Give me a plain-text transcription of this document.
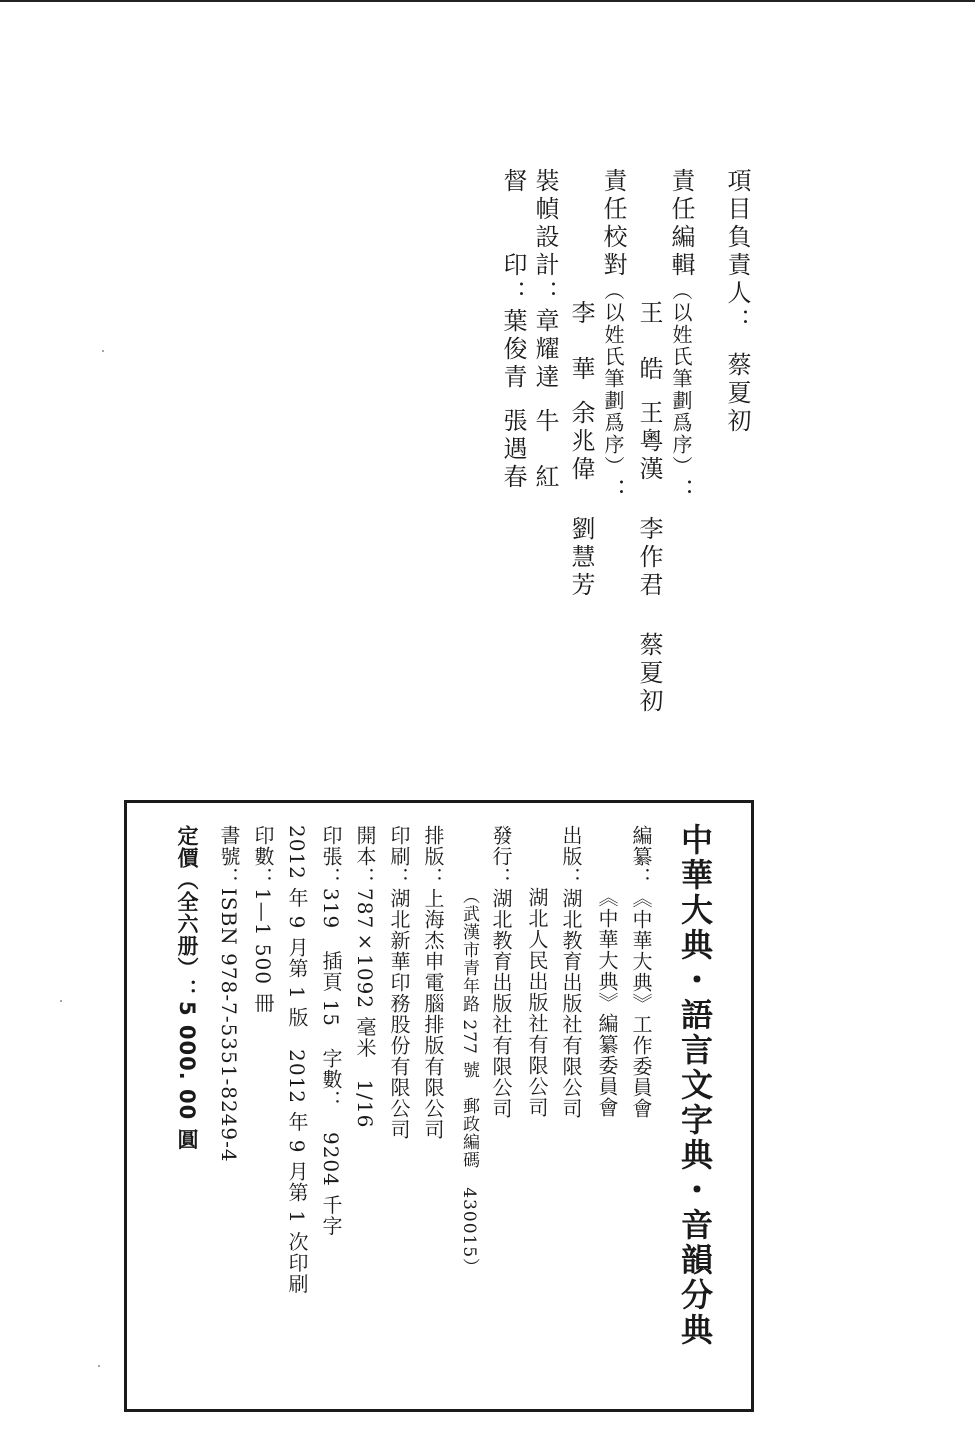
項目負責人：蔡夏初
責任編輯（以姓氏筆劃爲序）：
王　皓王粵漢李作君蔡夏初
責任校對（以姓氏筆劃爲序）：
李　華余兆偉劉慧芳
裝幀設計：章耀達牛　紅
督　　印：葉俊青張遇春
中華大典・語言文字典・音韻分典
編纂：《中華大典》工作委員會
《中華大典》編纂委員會
出版：湖北教育出版社有限公司
湖北人民出版社有限公司
發行：湖北教育出版社有限公司
（武漢市青年路 277 號　郵政編碼　430015）
排版：上海杰申電腦排版有限公司
印刷：湖北新華印務股份有限公司
開本：787×1092 毫米　1/16
印張：319　插頁 15　字數：　9204 千字
2012 年 9 月第 1 版　2012 年 9 月第 1 次印刷
印數：1—1 500 冊
書號：ISBN 978-7-5351-8249-4
定價（全六册）：5 000. 00 圓
